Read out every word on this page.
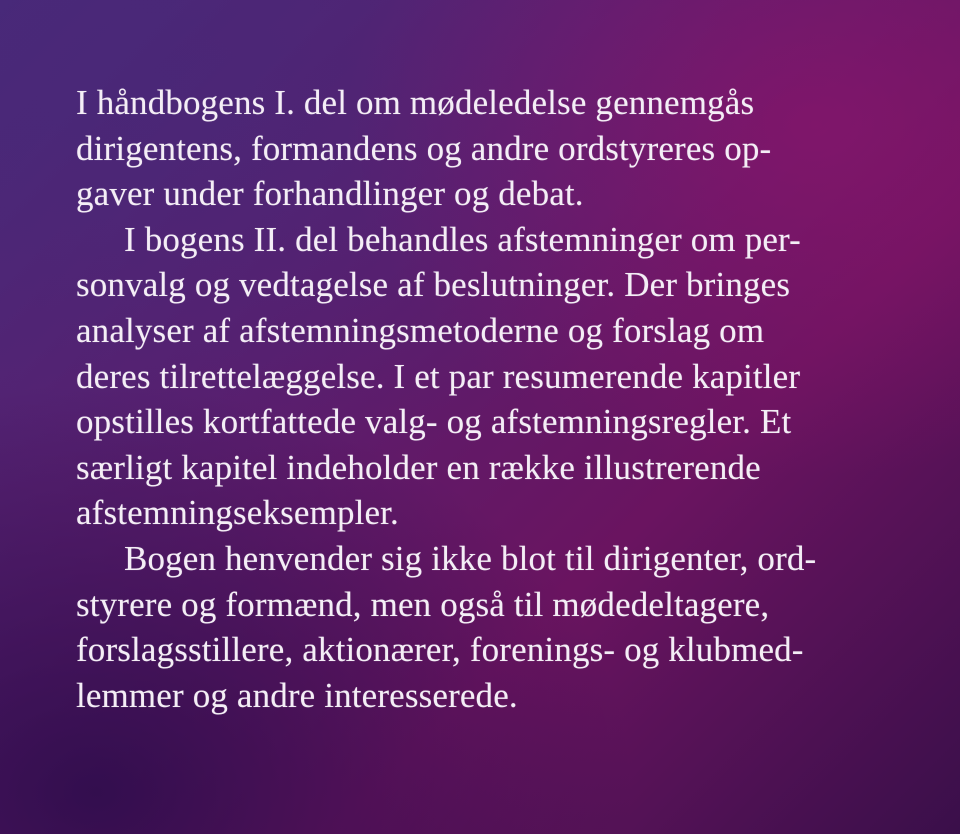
I håndbogens I. del om mødeledelse gennemgås
dirigentens, formandens og andre ordstyreres op-
gaver under forhandlinger og debat.
I bogens II. del behandles afstemninger om per-
sonvalg og vedtagelse af beslutninger. Der bringes
analyser af afstemningsmetoderne og forslag om
deres tilrettelæggelse. I et par resumerende kapitler
opstilles kortfattede valg- og afstemningsregler. Et
særligt kapitel indeholder en række illustrerende
afstemningseksempler.
Bogen henvender sig ikke blot til dirigenter, ord-
styrere og formænd, men også til mødedeltagere,
forslagsstillere, aktionærer, forenings- og klubmed-
lemmer og andre interesserede.
